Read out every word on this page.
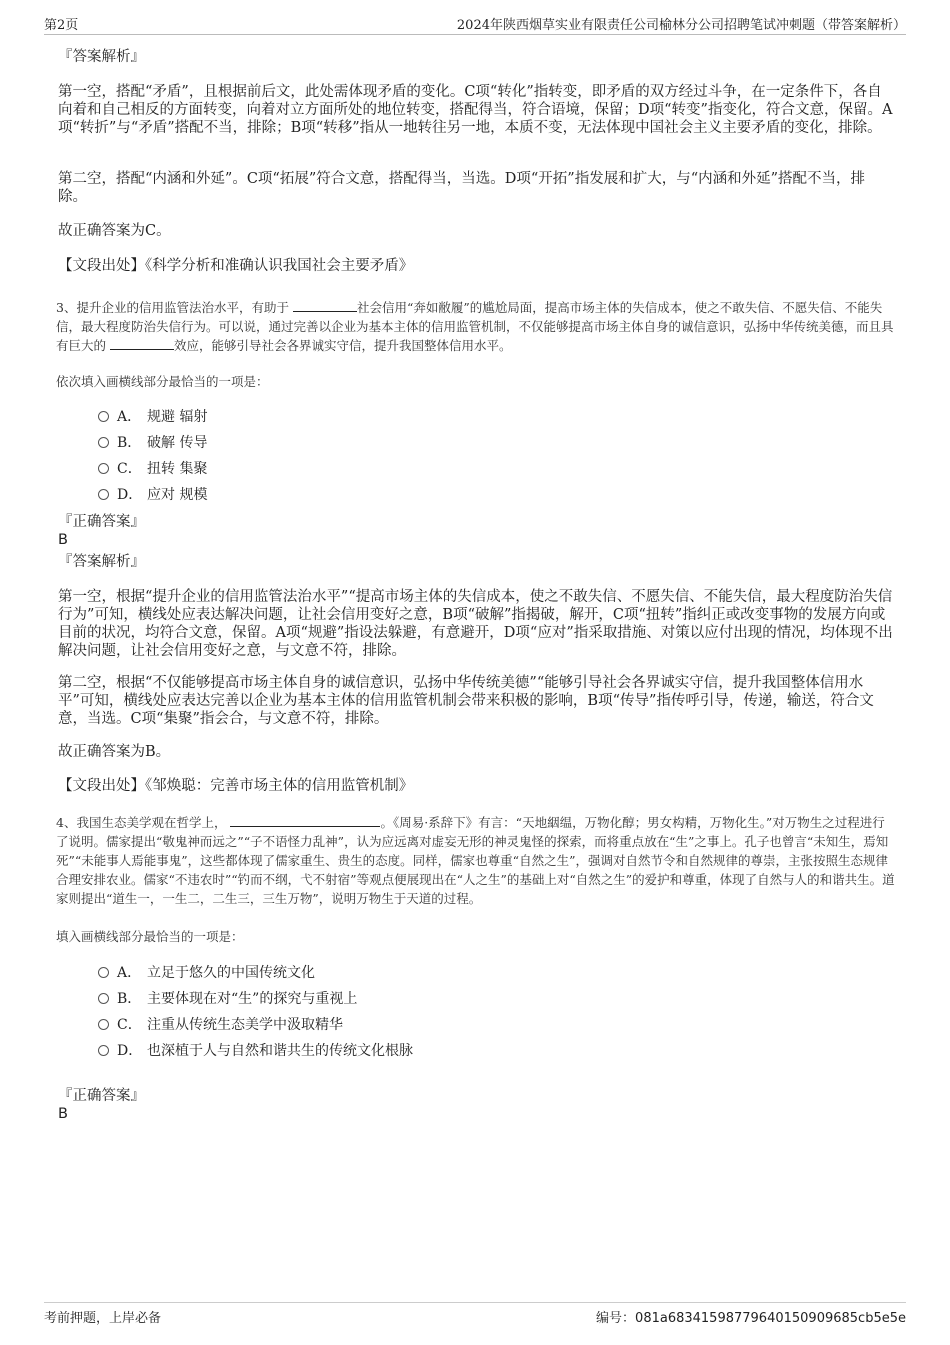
第2页	2024年陕西烟草实业有限责任公司榆林分公司招聘笔试冲刺题（带答案解析）

『答案解析』

第一空，搭配“矛盾”，且根据前后文，此处需体现矛盾的变化。C项“转化”指转变，即矛盾的双方经过斗争，在一定条件下，各自向着和自己相反的方面转变，向着对立方面所处的地位转变，搭配得当，符合语境，保留；D项“转变”指变化，符合文意，保留。A项“转折”与“矛盾”搭配不当，排除；B项“转移”指从一地转往另一地，本质不变，无法体现中国社会主义主要矛盾的变化，排除。

第二空，搭配“内涵和外延”。C项“拓展”符合文意，搭配得当，当选。D项“开拓”指发展和扩大，与“内涵和外延”搭配不当，排除。

故正确答案为C。

【文段出处】《科学分析和准确认识我国社会主要矛盾》

3、提升企业的信用监管法治水平，有助于	社会信用“奔如敝履”的尴尬局面，提高市场主体的失信成本，使之不敢失信、不愿失信、不能失信，最大程度防治失信行为。可以说，通过完善以企业为基本主体的信用监管机制，不仅能够提高市场主体自身的诚信意识，弘扬中华传统美德，而且具有巨大的	效应，能够引导社会各界诚实守信，提升我国整体信用水平。

依次填入画横线部分最恰当的一项是：

A． 规避 辐射
B． 破解 传导
C． 扭转 集聚
D． 应对 规模

『正确答案』

B

『答案解析』

第一空，根据“提升企业的信用监管法治水平”“提高市场主体的失信成本，使之不敢失信、不愿失信、不能失信，最大程度防治失信行为”可知，横线处应表达解决问题，让社会信用变好之意，B项“破解”指揭破，解开，C项“扭转”指纠正或改变事物的发展方向或目前的状况，均符合文意，保留。A项“规避”指设法躲避，有意避开，D项“应对”指采取措施、对策以应付出现的情况，均体现不出解决问题，让社会信用变好之意，与文意不符，排除。

第二空，根据“不仅能够提高市场主体自身的诚信意识，弘扬中华传统美德”“能够引导社会各界诚实守信，提升我国整体信用水平”可知，横线处应表达完善以企业为基本主体的信用监管机制会带来积极的影响，B项“传导”指传呼引导，传递，输送，符合文意，当选。C项“集聚”指会合，与文意不符，排除。

故正确答案为B。

【文段出处】《邹焕聪：完善市场主体的信用监管机制》

4、我国生态美学观在哲学上，	。《周易·系辞下》有言：“天地絪缊，万物化醇；男女构精，万物化生。”对万物生之过程进行了说明。儒家提出“敬鬼神而远之”“子不语怪力乱神”，认为应远离对虚妄无形的神灵鬼怪的探索，而将重点放在“生”之事上。孔子也曾言“未知生，焉知死”“未能事人焉能事鬼”，这些都体现了儒家重生、贵生的态度。同样，儒家也尊重“自然之生”，强调对自然节令和自然规律的尊崇，主张按照生态规律合理安排农业。儒家“不违农时”“钓而不纲，弋不射宿”等观点便展现出在“人之生”的基础上对“自然之生”的爱护和尊重，体现了自然与人的和谐共生。道家则提出“道生一，一生二，二生三，三生万物”，说明万物生于天道的过程。

填入画横线部分最恰当的一项是：

A． 立足于悠久的中国传统文化
B． 主要体现在对“生”的探究与重视上
C． 注重从传统生态美学中汲取精华
D． 也深植于人与自然和谐共生的传统文化根脉

『正确答案』

B

考前押题，上岸必备	编号：081a68341598779640150909685cb5e5e
